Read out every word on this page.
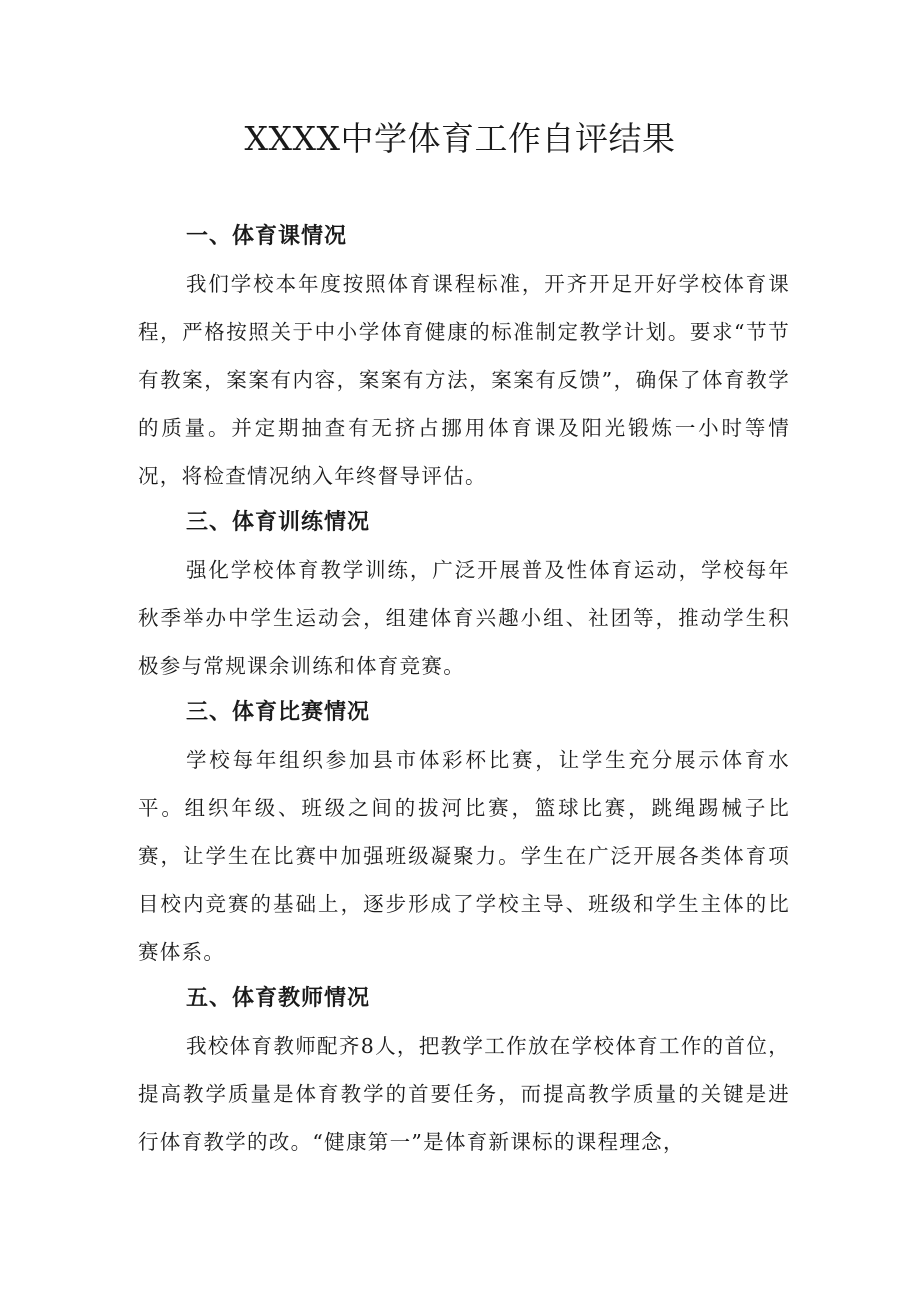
XXXX中学体育工作自评结果
一、体育课情况

我们学校本年度按照体育课程标准，开齐开足开好学校体育课程，严格按照关于中小学体育健康的标准制定教学计划。要求“节节有教案，案案有内容，案案有方法，案案有反馈”，确保了体育教学的质量。并定期抽查有无挤占挪用体育课及阳光锻炼一小时等情况，将检查情况纳入年终督导评估。

三、体育训练情况

强化学校体育教学训练，广泛开展普及性体育运动，学校每年秋季举办中学生运动会，组建体育兴趣小组、社团等，推动学生积极参与常规课余训练和体育竞赛。

三、体育比赛情况

学校每年组织参加县市体彩杯比赛，让学生充分展示体育水平。组织年级、班级之间的拔河比赛，篮球比赛，跳绳踢械子比赛，让学生在比赛中加强班级凝聚力。学生在广泛开展各类体育项目校内竞赛的基础上，逐步形成了学校主导、班级和学生主体的比赛体系。

五、体育教师情况

我校体育教师配齐8人，把教学工作放在学校体育工作的首位，提高教学质量是体育教学的首要任务，而提高教学质量的关键是进行体育教学的改。“健康第一”是体育新课标的课程理念，
